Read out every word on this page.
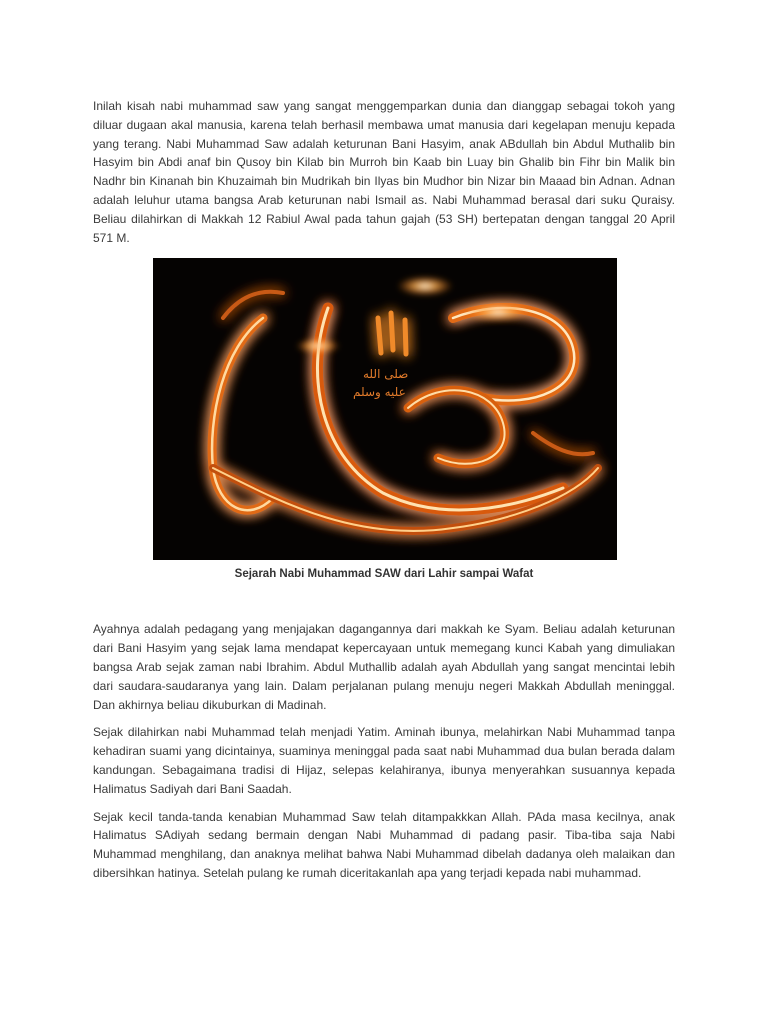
Inilah kisah nabi muhammad saw yang sangat menggemparkan dunia dan dianggap sebagai tokoh yang diluar dugaan akal manusia, karena telah berhasil membawa umat manusia dari kegelapan menuju kepada yang terang. Nabi Muhammad Saw adalah keturunan Bani Hasyim, anak ABdullah bin Abdul Muthalib bin Hasyim bin Abdi anaf bin Qusoy bin Kilab bin Murroh bin Kaab bin Luay bin Ghalib bin Fihr bin Malik bin Nadhr bin Kinanah bin Khuzaimah bin Mudrikah bin Ilyas bin Mudhor bin Nizar bin Maaad bin Adnan. Adnan adalah leluhur utama bangsa Arab keturunan nabi Ismail as. Nabi Muhammad berasal dari suku Quraisy. Beliau dilahirkan di Makkah 12 Rabiul Awal pada tahun gajah (53 SH) bertepatan dengan tanggal 20 April 571 M.

صلى الله
عليه وسلم
Sejarah Nabi Muhammad SAW dari Lahir sampai Wafat

Ayahnya adalah pedagang yang menjajakan dagangannya dari makkah ke Syam. Beliau adalah keturunan dari Bani Hasyim yang sejak lama mendapat kepercayaan untuk memegang kunci Kabah yang dimuliakan bangsa Arab sejak zaman nabi Ibrahim. Abdul Muthallib adalah ayah Abdullah yang sangat mencintai lebih dari saudara-saudaranya yang lain. Dalam perjalanan pulang menuju negeri Makkah Abdullah meninggal. Dan akhirnya beliau dikuburkan di Madinah.

Sejak dilahirkan nabi Muhammad telah menjadi Yatim. Aminah ibunya, melahirkan Nabi Muhammad tanpa kehadiran suami yang dicintainya, suaminya meninggal pada saat nabi Muhammad dua bulan berada dalam kandungan. Sebagaimana tradisi di Hijaz, selepas kelahiranya, ibunya menyerahkan susuannya kepada Halimatus Sadiyah dari Bani Saadah.

Sejak kecil tanda-tanda kenabian Muhammad Saw telah ditampakkkan Allah. PAda masa kecilnya, anak Halimatus SAdiyah sedang bermain dengan Nabi Muhammad di padang pasir. Tiba-tiba saja Nabi Muhammad menghilang, dan anaknya melihat bahwa Nabi Muhammad dibelah dadanya oleh malaikan dan dibersihkan hatinya. Setelah pulang ke rumah diceritakanlah apa yang terjadi kepada nabi muhammad.
